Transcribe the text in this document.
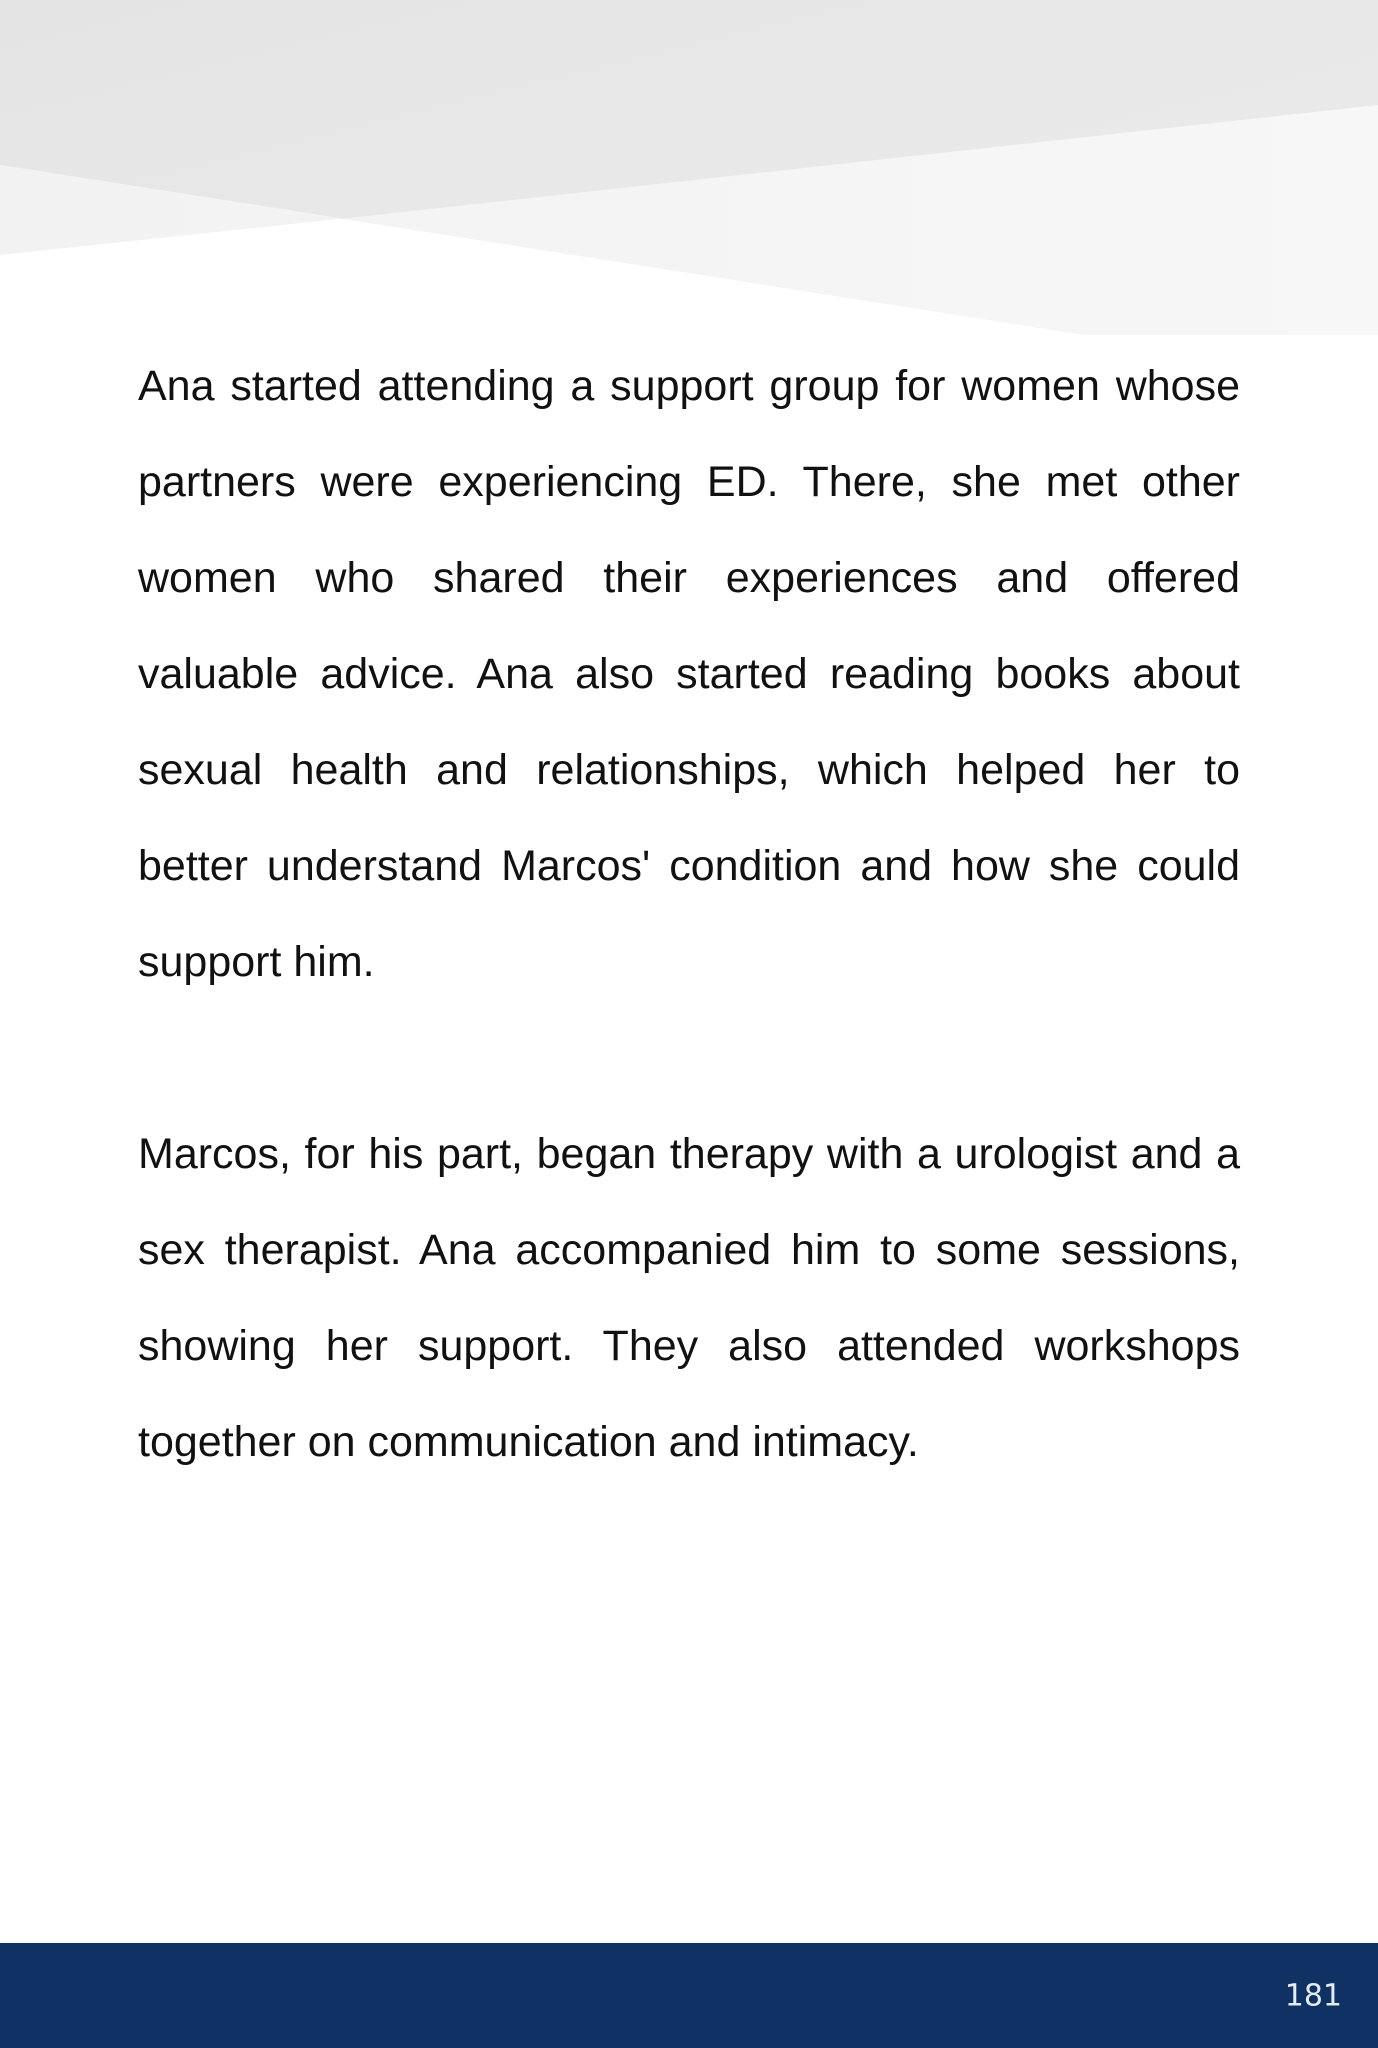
Ana started attending a support group for women whose partners were experiencing ED. There, she met other women who shared their experiences and offered valuable advice. Ana also started reading books about sexual health and relationships, which helped her to better understand Marcos' condition and how she could support him.

Marcos, for his part, began therapy with a urologist and a sex therapist. Ana accompanied him to some sessions, showing her support. They also attended workshops together on communication and intimacy.

181
